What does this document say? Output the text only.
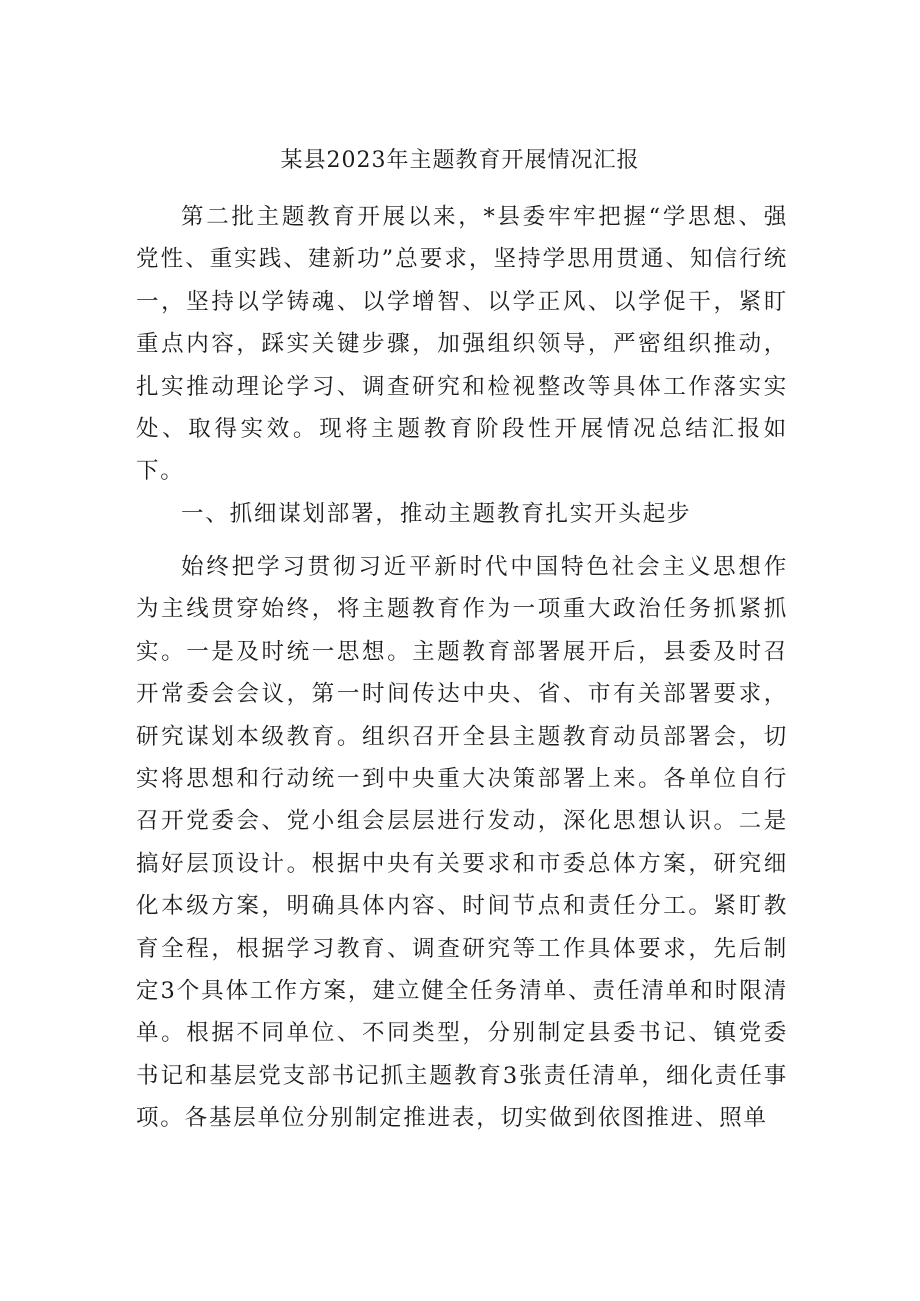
某县2023年主题教育开展情况汇报

第二批主题教育开展以来，*县委牢牢把握“学思想、强党性、重实践、建新功”总要求，坚持学思用贯通、知信行统一，坚持以学铸魂、以学增智、以学正风、以学促干，紧盯重点内容，踩实关键步骤，加强组织领导，严密组织推动，扎实推动理论学习、调查研究和检视整改等具体工作落实实处、取得实效。现将主题教育阶段性开展情况总结汇报如下。

一、抓细谋划部署，推动主题教育扎实开头起步

始终把学习贯彻习近平新时代中国特色社会主义思想作为主线贯穿始终，将主题教育作为一项重大政治任务抓紧抓实。一是及时统一思想。主题教育部署展开后，县委及时召开常委会会议，第一时间传达中央、省、市有关部署要求，研究谋划本级教育。组织召开全县主题教育动员部署会，切实将思想和行动统一到中央重大决策部署上来。各单位自行召开党委会、党小组会层层进行发动，深化思想认识。二是搞好层顶设计。根据中央有关要求和市委总体方案，研究细化本级方案，明确具体内容、时间节点和责任分工。紧盯教育全程，根据学习教育、调查研究等工作具体要求，先后制定3个具体工作方案，建立健全任务清单、责任清单和时限清单。根据不同单位、不同类型，分别制定县委书记、镇党委书记和基层党支部书记抓主题教育3张责任清单，细化责任事项。各基层单位分别制定推进表，切实做到依图推进、照单
